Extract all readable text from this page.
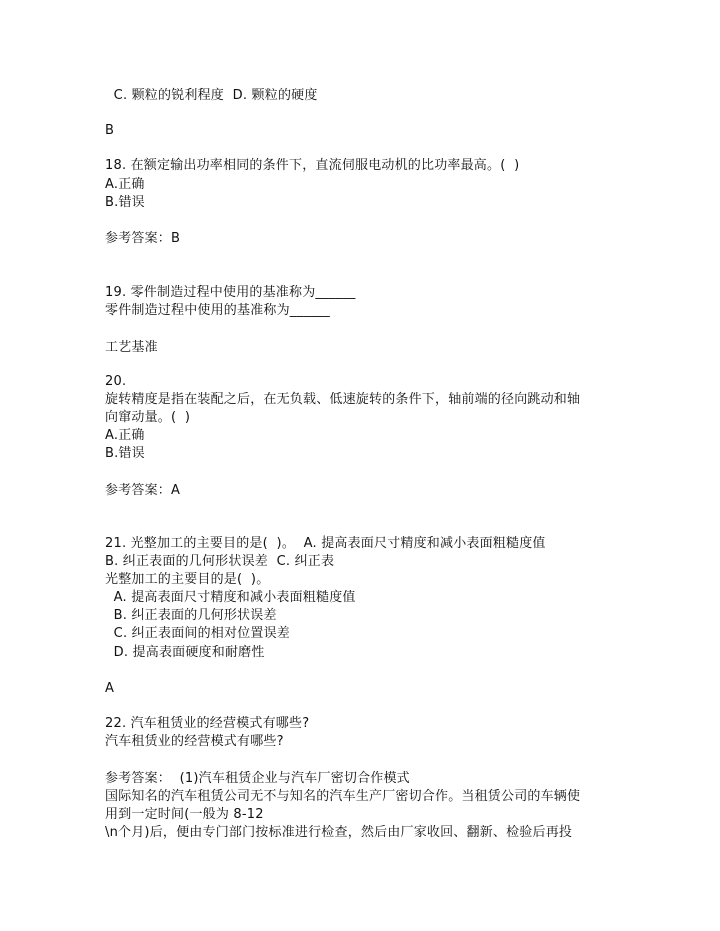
C. 颗粒的锐利程度  D. 颗粒的硬度
B
18. 在额定输出功率相同的条件下，直流伺服电动机的比功率最高。(  )
A.正确
B.错误
参考答案：B
19. 零件制造过程中使用的基准称为______
零件制造过程中使用的基准称为______
工艺基准
20.
旋转精度是指在装配之后，在无负载、低速旋转的条件下，轴前端的径向跳动和轴
向窜动量。(  )
A.正确
B.错误
参考答案：A
21. 光整加工的主要目的是(  )。  A. 提高表面尺寸精度和减小表面粗糙度值
B. 纠正表面的几何形状误差  C. 纠正表
光整加工的主要目的是(  )。
A. 提高表面尺寸精度和减小表面粗糙度值
B. 纠正表面的几何形状误差
C. 纠正表面间的相对位置误差
D. 提高表面硬度和耐磨性
A
22. 汽车租赁业的经营模式有哪些?
汽车租赁业的经营模式有哪些?
参考答案：  (1)汽车租赁企业与汽车厂密切合作模式
国际知名的汽车租赁公司无不与知名的汽车生产厂密切合作。当租赁公司的车辆使
用到一定时间(一般为 8-12
\n个月)后，便由专门部门按标准进行检查，然后由厂家收回、翻新、检验后再投
